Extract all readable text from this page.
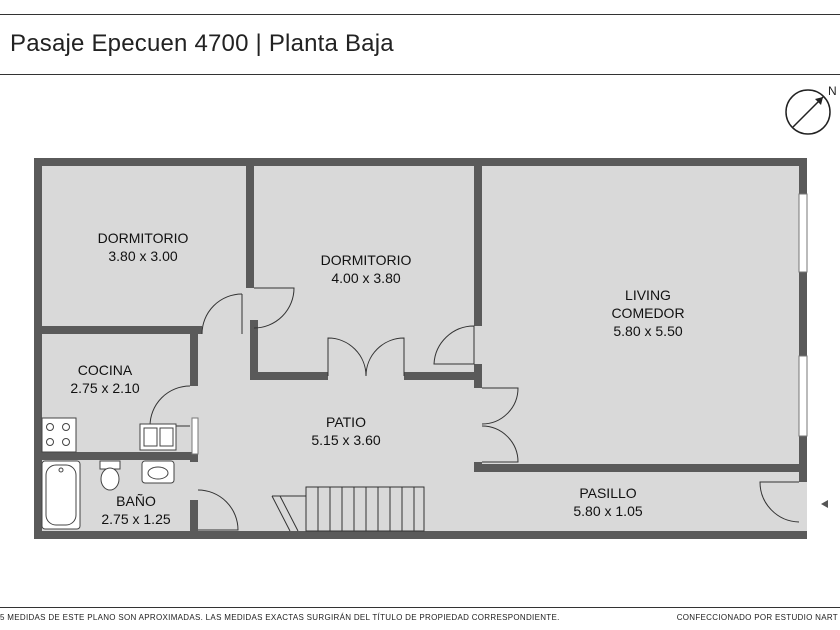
Pasaje Epecuen 4700 | Planta Baja
N
DORMITORIO
3.80 x 3.00	DORMITORIO
4.00 x 3.80
LIVING
COMEDOR
5.80 x 5.50
COCINA
2.75 x 2.10
PATIO
5.15 x 3.60
BAÑO
2.75 x 1.25
PASILLO
5.80 x 1.05
5 MEDIDAS DE ESTE PLANO SON APROXIMADAS. LAS MEDIDAS EXACTAS SURGIRÁN DEL TÍTULO DE PROPIEDAD CORRESPONDIENTE.	CONFECCIONADO POR ESTUDIO NART
